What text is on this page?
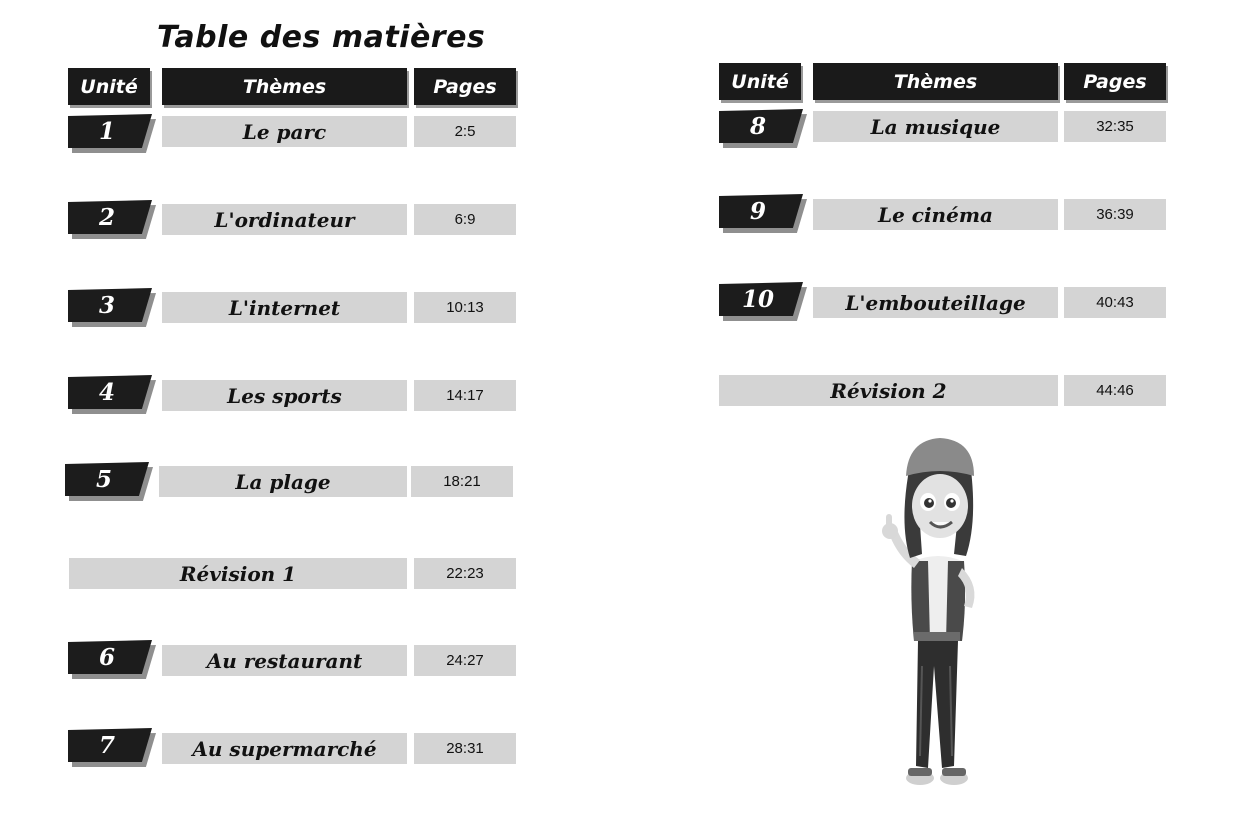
Table des matières
Unité	Thèmes	Pages	Unité	Thèmes	Pages
1	Le parc	2:5
2	L'ordinateur	6:9
3	L'internet	10:13
4	Les sports	14:17
5	La plage	18:21
Révision 1	22:23
6	Au restaurant	24:27
7	Au supermarché	28:31
8	La musique	32:35
9	Le cinéma	36:39
10	L'embouteillage	40:43
Révision 2	44:46
